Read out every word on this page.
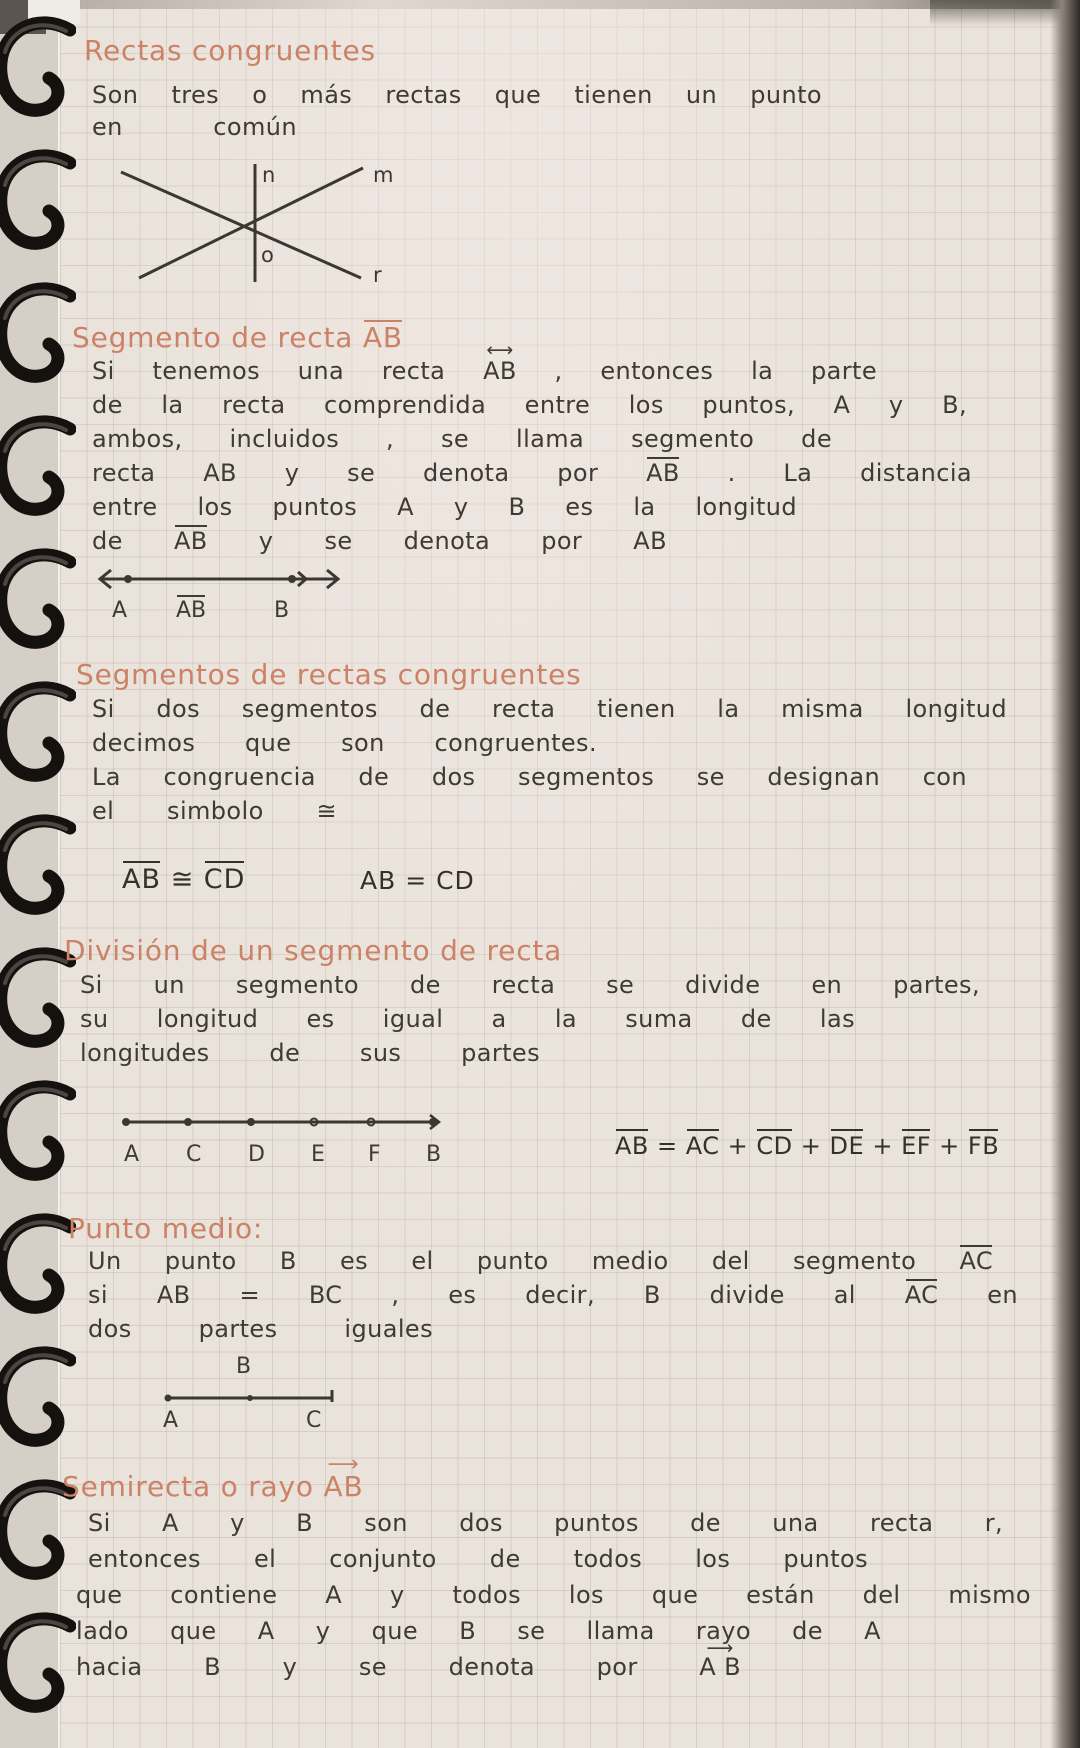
Rectas congruentes
Son tres o más rectas que tienen un punto
en común
n	m
o
r
Segmento de recta AB
Si tenemos una recta ⟷ AB , entonces la parte
de la recta comprendida entre los puntos, A y B,
ambos, incluidos , se llama segmento de
recta AB y se denota por AB . La distancia
entre los puntos A y B es la longitud
de AB y se denota por AB
A AB	B
Segmentos de rectas congruentes
Si dos segmentos de recta tienen la misma longitud
decimos que son congruentes.
La congruencia de dos segmentos se designan con
el simbolo ≅
AB ≅ CD	AB = CD
División de un segmento de recta
Si un segmento de recta se divide en partes,
su longitud es igual a la suma de las
longitudes de sus partes
A C D E F B	AB = AC + CD + DE + EF + FB
Punto medio:
Un punto B es el punto medio del segmento AC
si AB = BC , es decir, B divide al AC en
dos partes iguales
B
A	C
Semirecta o rayo ⟶ AB
Si A y B son dos puntos de una recta r,
entonces el conjunto de todos los puntos
que contiene A y todos los que están del mismo
lado que A y que B se llama rayo de A
hacia B y se denota por ⟶ A B
